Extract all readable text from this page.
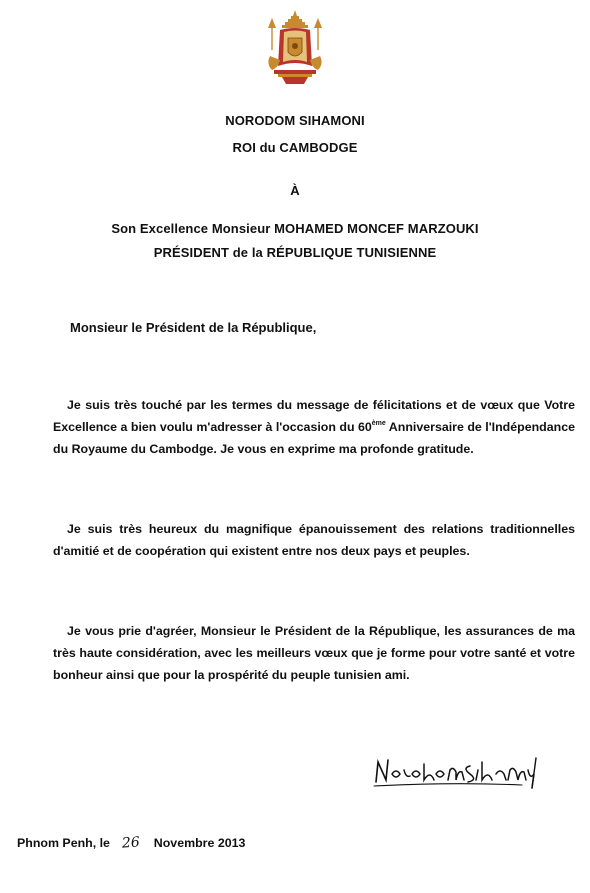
NORODOM SIHAMONI
ROI du CAMBODGE
À
Son Excellence Monsieur MOHAMED MONCEF MARZOUKI
PRÉSIDENT de la RÉPUBLIQUE TUNISIENNE
Monsieur le Président de la République,

Je suis très touché par les termes du message de félicitations et de vœux que Votre Excellence a bien voulu m'adresser à l'occasion du 60ème Anniversaire de l'Indépendance du Royaume du Cambodge. Je vous en exprime ma profonde gratitude.

Je suis très heureux du magnifique épanouissement des relations traditionnelles d'amitié et de coopération qui existent entre nos deux pays et peuples.

Je vous prie d'agréer, Monsieur le Président de la République, les assurances de ma très haute considération, avec les meilleurs vœux que je forme pour votre santé et votre bonheur ainsi que pour la prospérité du peuple tunisien ami.

Phnom Penh, le 26 Novembre 2013
